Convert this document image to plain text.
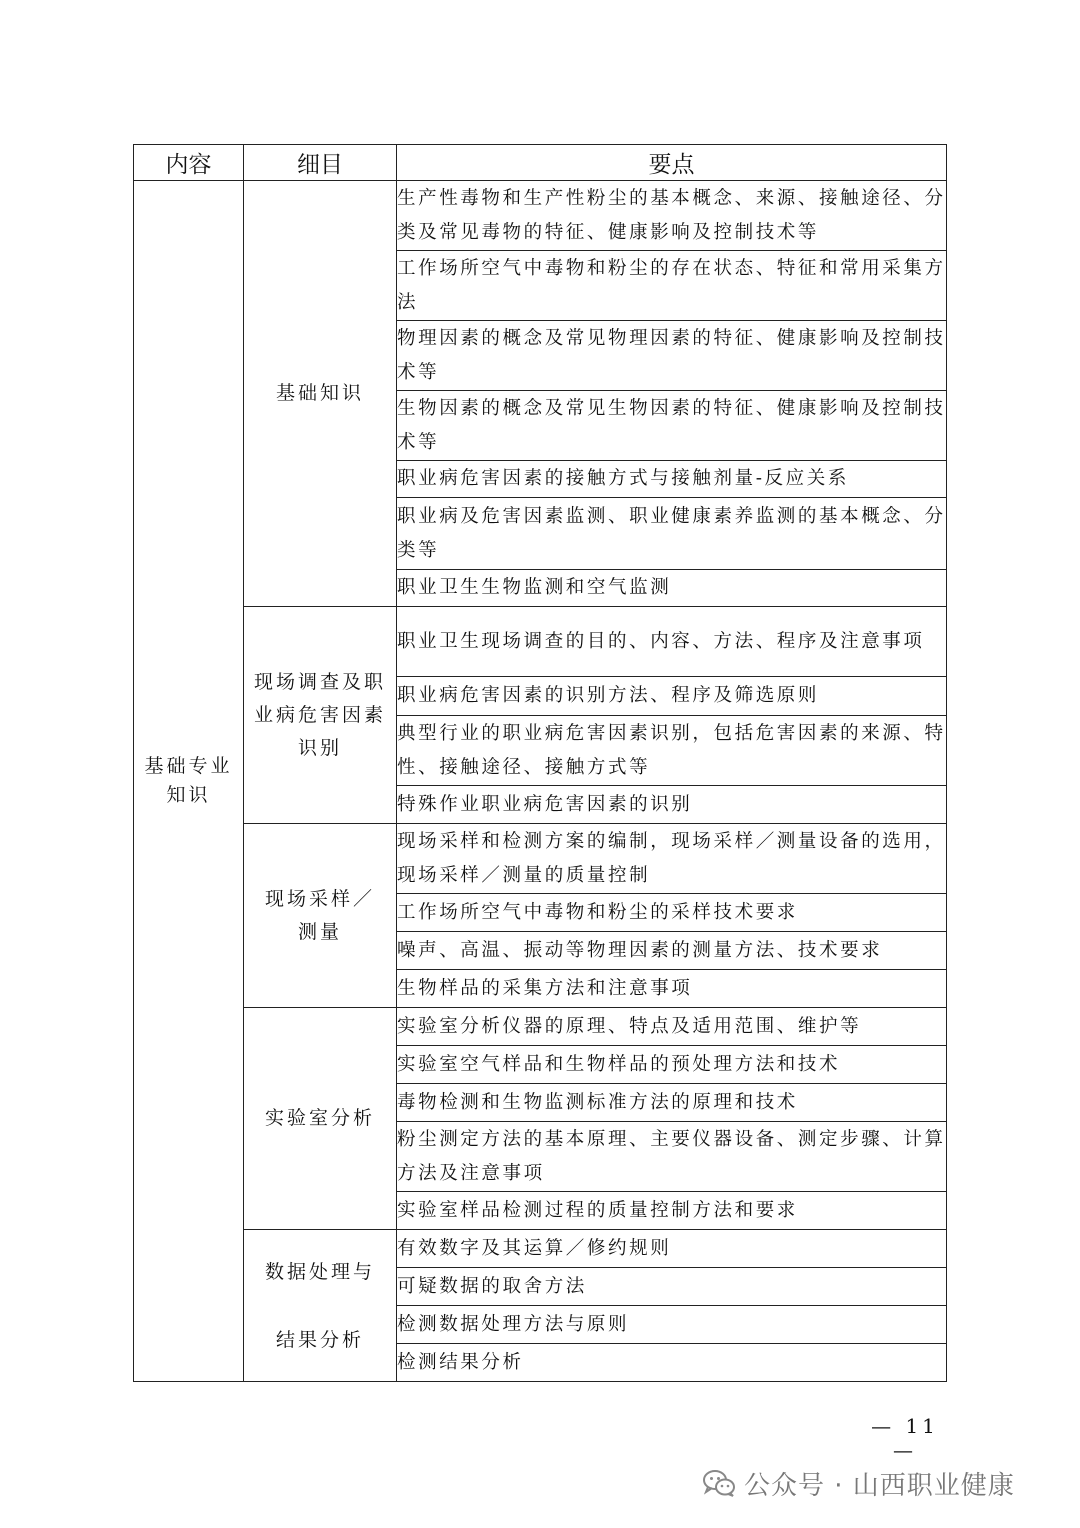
内容	细目	要点

基础专业知识	基础知识	生产性毒物和生产性粉尘的基本概念、来源、接触途径、分类及常见毒物的特征、健康影响及控制技术等
		工作场所空气中毒物和粉尘的存在状态、特征和常用采集方法
		物理因素的概念及常见物理因素的特征、健康影响及控制技术等
		生物因素的概念及常见生物因素的特征、健康影响及控制技术等
		职业病危害因素的接触方式与接触剂量-反应关系
		职业病及危害因素监测、职业健康素养监测的基本概念、分类等
		职业卫生生物监测和空气监测

	现场调查及职业病危害因素识别	职业卫生现场调查的目的、内容、方法、程序及注意事项
		职业病危害因素的识别方法、程序及筛选原则
		典型行业的职业病危害因素识别，包括危害因素的来源、特性、接触途径、接触方式等
		特殊作业职业病危害因素的识别

	现场采样／测量	现场采样和检测方案的编制，现场采样／测量设备的选用，现场采样／测量的质量控制
		工作场所空气中毒物和粉尘的采样技术要求
		噪声、高温、振动等物理因素的测量方法、技术要求
		生物样品的采集方法和注意事项
	实验室分析	实验室分析仪器的原理、特点及适用范围、维护等
		实验室空气样品和生物样品的预处理方法和技术
		毒物检测和生物监测标准方法的原理和技术
		粉尘测定方法的基本原理、主要仪器设备、测定步骤、计算方法及注意事项
		实验室样品检测过程的质量控制方法和要求

	数据处理与结果分析	有效数字及其运算／修约规则
		可疑数据的取舍方法
		检测数据处理方法与原则
		检测结果分析
— 11 —
公众号 · 山西职业健康
